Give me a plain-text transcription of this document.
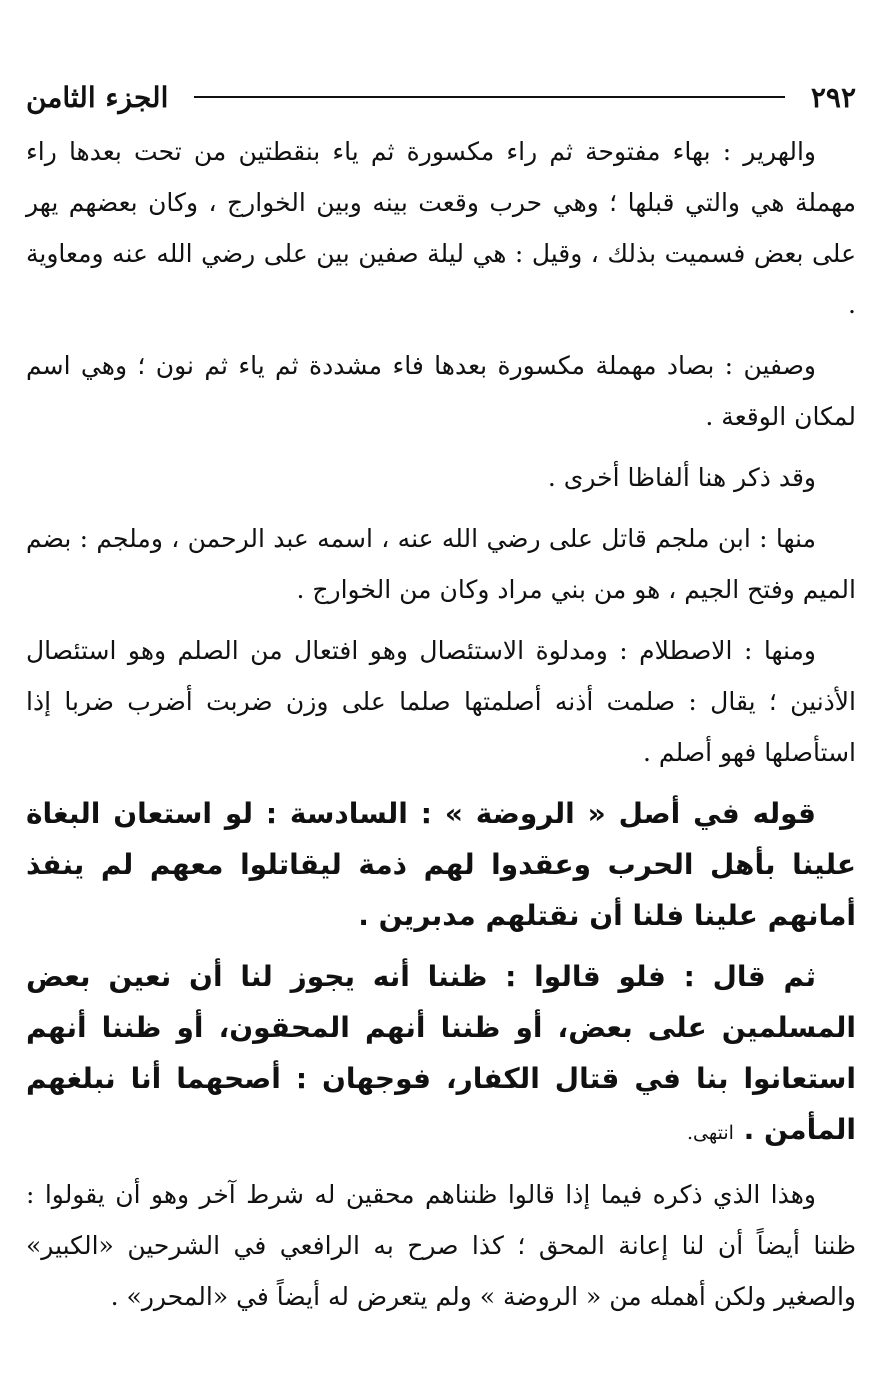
٢٩٢
الجزء الثامن

والهرير : بهاء مفتوحة ثم راء مكسورة ثم ياء بنقطتين من تحت بعدها راء مهملة هي والتي قبلها ؛ وهي حرب وقعت بينه وبين الخوارج ، وكان بعضهم يهر على بعض فسميت بذلك ، وقيل : هي ليلة صفين بين على رضي الله عنه ومعاوية .

وصفين : بصاد مهملة مكسورة بعدها فاء مشددة ثم ياء ثم نون ؛ وهي اسم لمكان الوقعة .

وقد ذكر هنا ألفاظا أخرى .

منها : ابن ملجم قاتل على رضي الله عنه ، اسمه عبد الرحمن ، وملجم : بضم الميم وفتح الجيم ، هو من بني مراد وكان من الخوارج .

ومنها : الاصطلام : ومدلوة الاستئصال وهو افتعال من الصلم وهو استئصال الأذنين ؛ يقال : صلمت أذنه أصلمتها صلما على وزن ضربت أضرب ضربا إذا استأصلها فهو أصلم .

قوله في أصل « الروضة » : السادسة : لو استعان البغاة علينا بأهل الحرب وعقدوا لهم ذمة ليقاتلوا معهم لم ينفذ أمانهم علينا فلنا أن نقتلهم مدبرين .

ثم قال : فلو قالوا : ظننا أنه يجوز لنا أن نعين بعض المسلمين على بعض، أو ظننا أنهم المحقون، أو ظننا أنهم استعانوا بنا في قتال الكفار، فوجهان : أصحهما أنا نبلغهم المأمن . انتهى.

وهذا الذي ذكره فيما إذا قالوا ظنناهم محقين له شرط آخر وهو أن يقولوا : ظننا أيضاً أن لنا إعانة المحق ؛ كذا صرح به الرافعي في الشرحين «الكبير» والصغير ولكن أهمله من « الروضة » ولم يتعرض له أيضاً في «المحرر» .
